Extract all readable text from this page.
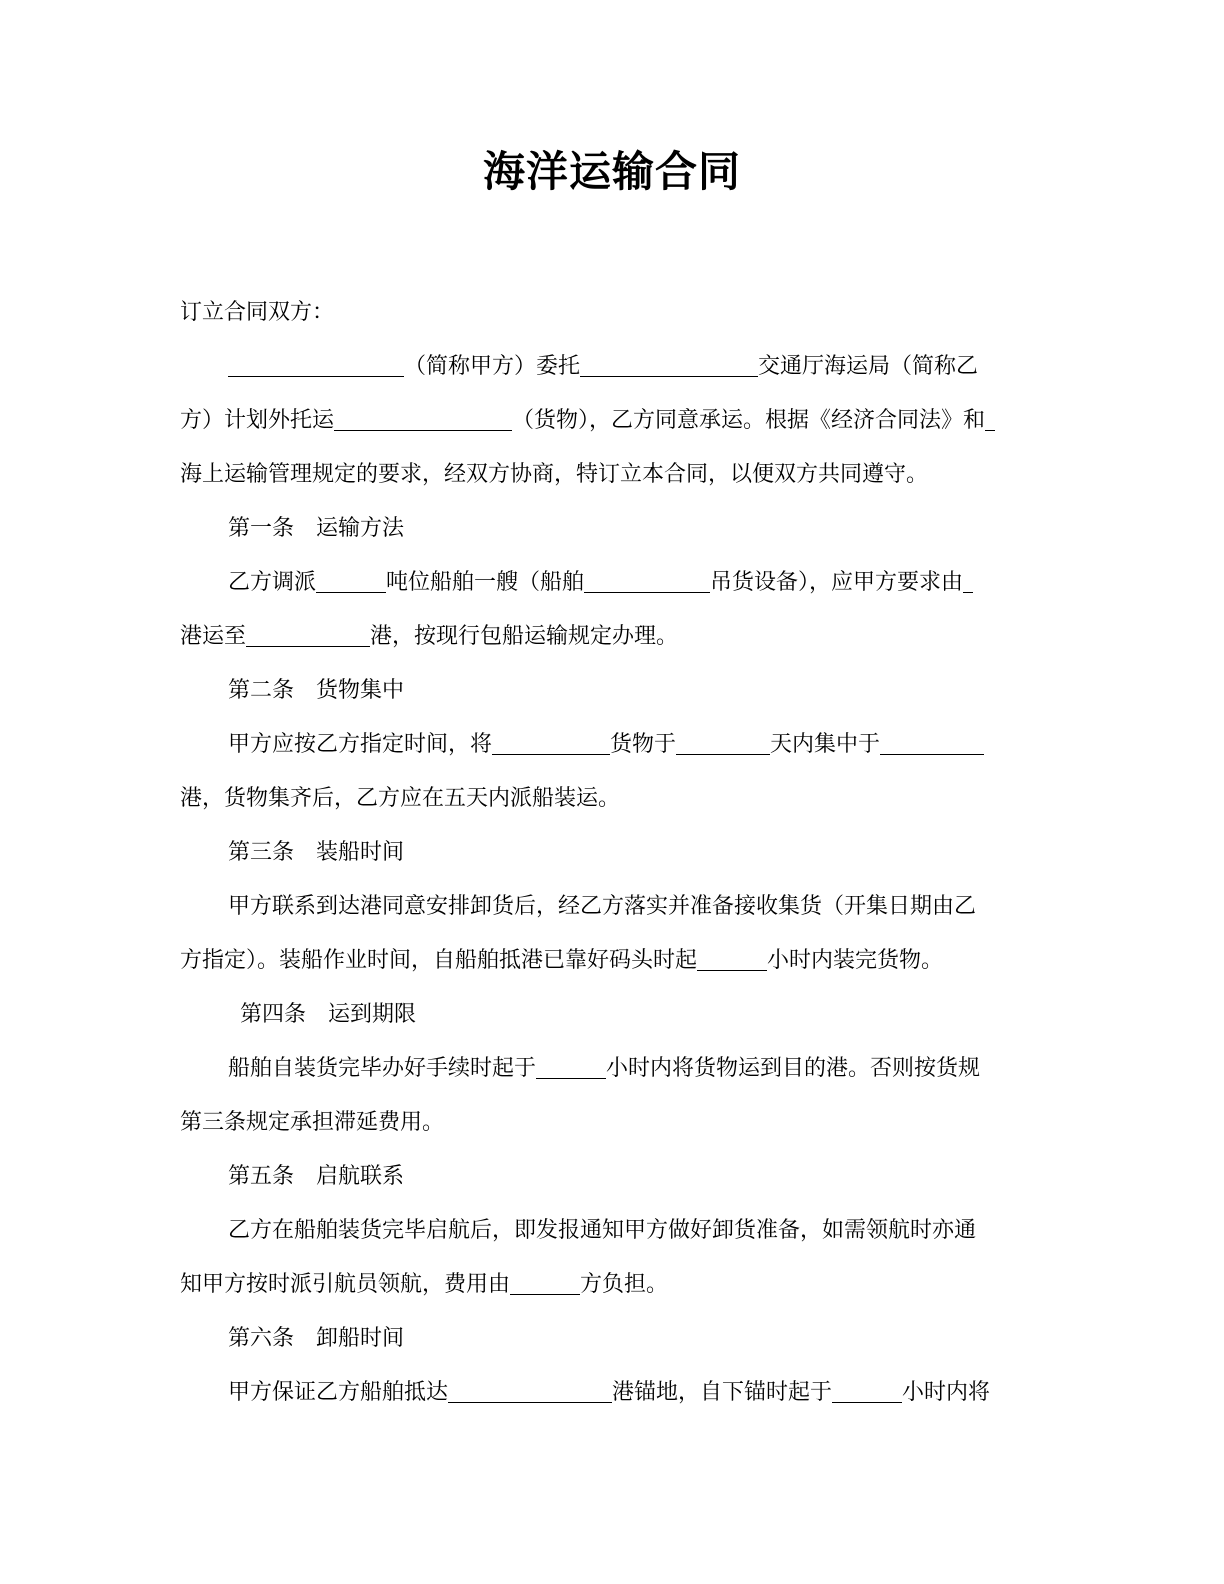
海洋运输合同

订立合同双方：

（简称甲方）委托	交通厅海运局（简称乙

方）计划外托运	（货物），乙方同意承运。根据《经济合同法》和

海上运输管理规定的要求，经双方协商，特订立本合同，以便双方共同遵守。

第一条 运输方法

乙方调派	吨位船舶一艘（船舶	吊货设备），应甲方要求由

港运至	港，按现行包船运输规定办理。

第二条 货物集中

甲方应按乙方指定时间，将	货物于	天内集中于

港，货物集齐后，乙方应在五天内派船装运。

第三条 装船时间

甲方联系到达港同意安排卸货后，经乙方落实并准备接收集货（开集日期由乙

方指定）。装船作业时间，自船舶抵港已靠好码头时起	小时内装完货物。

第四条 运到期限

船舶自装货完毕办好手续时起于	小时内将货物运到目的港。否则按货规

第三条规定承担滞延费用。

第五条 启航联系

乙方在船舶装货完毕启航后，即发报通知甲方做好卸货准备，如需领航时亦通

知甲方按时派引航员领航，费用由	方负担。

第六条 卸船时间

甲方保证乙方船舶抵达	港锚地，自下锚时起于	小时内将
